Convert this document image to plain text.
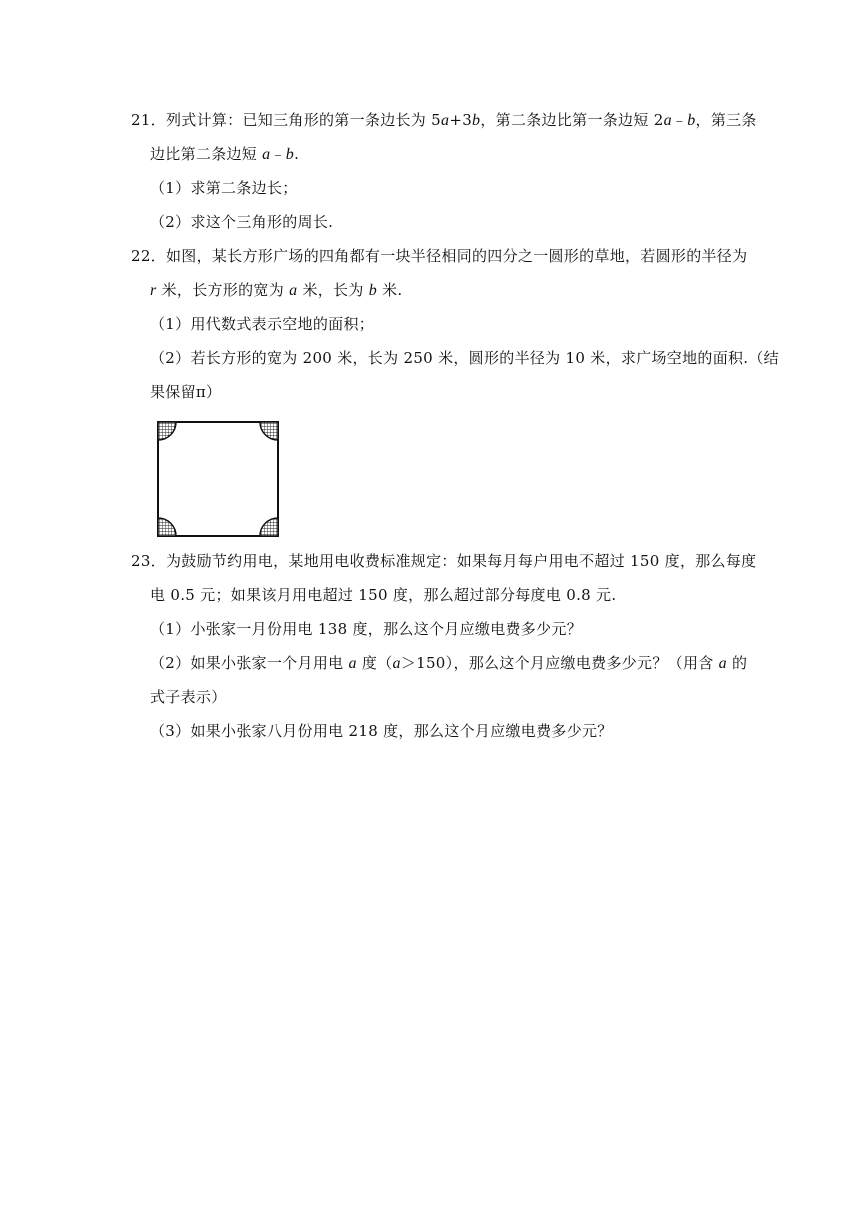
21．列式计算：已知三角形的第一条边长为 5a+3b，第二条边比第一条边短 2a﹣b，第三条
边比第二条边短 a﹣b.
（1）求第二条边长；
（2）求这个三角形的周长.
22．如图，某长方形广场的四角都有一块半径相同的四分之一圆形的草地，若圆形的半径为
r 米，长方形的宽为 a 米，长为 b 米.
（1）用代数式表示空地的面积；
（2）若长方形的宽为 200 米，长为 250 米，圆形的半径为 10 米，求广场空地的面积.（结
果保留π）
23．为鼓励节约用电，某地用电收费标准规定：如果每月每户用电不超过 150 度，那么每度
电 0.5 元；如果该月用电超过 150 度，那么超过部分每度电 0.8 元.
（1）小张家一月份用电 138 度，那么这个月应缴电费多少元？
（2）如果小张家一个月用电 a 度（a＞150），那么这个月应缴电费多少元？（用含 a 的
式子表示）
（3）如果小张家八月份用电 218 度，那么这个月应缴电费多少元？
